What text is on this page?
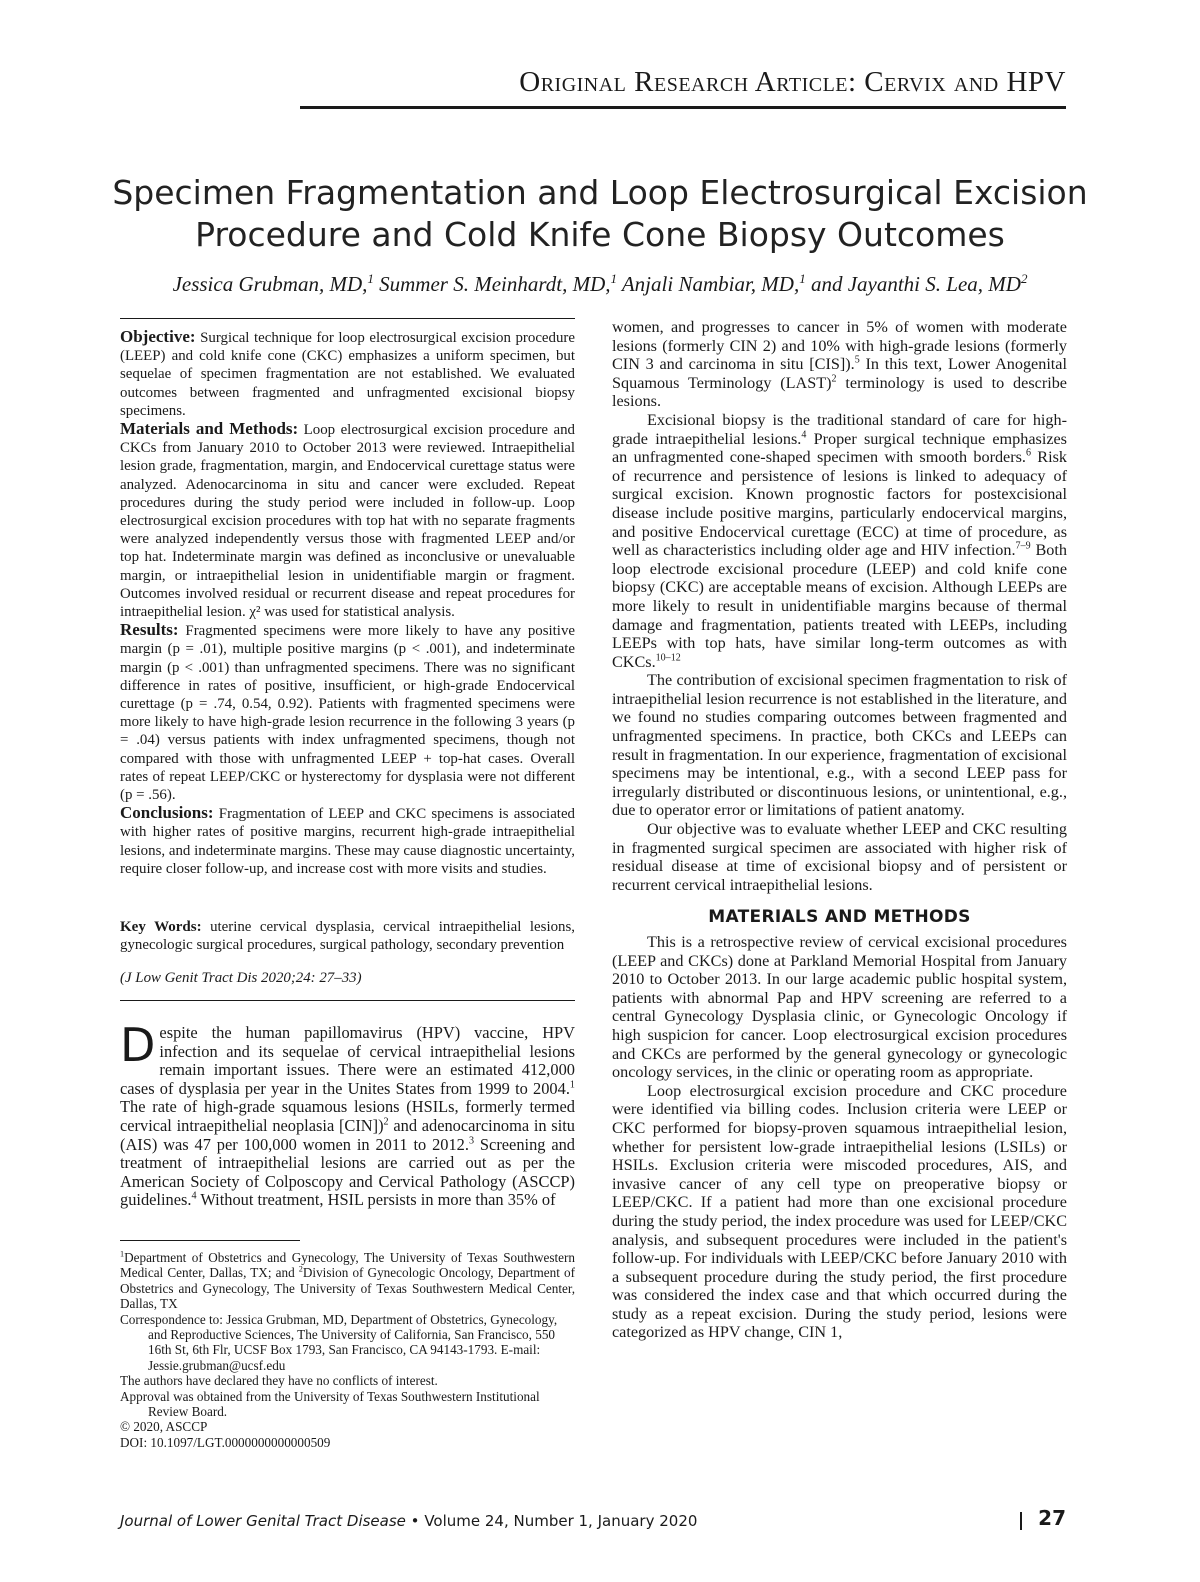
Original Research Article: Cervix and HPV
Specimen Fragmentation and Loop Electrosurgical Excision Procedure and Cold Knife Cone Biopsy Outcomes
Jessica Grubman, MD,$^1$ Summer S. Meinhardt, MD,$^1$ Anjali Nambiar, MD,$^1$ and Jayanthi S. Lea, $MD^2$

Objective: Surgical technique for loop electrosurgical excision procedure (LEEP) and cold knife cone (CKC) emphasizes a uniform specimen, but sequelae of specimen fragmentation are not established. We evaluated outcomes between fragmented and unfragmented excisional biopsy specimens.

Materials and Methods: Loop electrosurgical excision procedure and CKCs from January 2010 to October 2013 were reviewed. Intraepithelial lesion grade, fragmentation, margin, and Endocervical curettage status were analyzed. Adenocarcinoma in situ and cancer were excluded. Repeat procedures during the study period were included in follow-up. Loop electrosurgical excision procedures with top hat with no separate fragments were analyzed independently versus those with fragmented LEEP and/or top hat. Indeterminate margin was defined as inconclusive or unevaluable margin, or intraepithelial lesion in unidentifiable margin or fragment. Outcomes involved residual or recurrent disease and repeat procedures for intraepithelial lesion. χ² was used for statistical analysis.

Results: Fragmented specimens were more likely to have any positive margin (p = .01), multiple positive margins (p < .001), and indeterminate margin (p < .001) than unfragmented specimens. There was no significant difference in rates of positive, insufficient, or high-grade Endocervical curettage (p = .74, 0.54, 0.92). Patients with fragmented specimens were more likely to have high-grade lesion recurrence in the following 3 years (p = .04) versus patients with index unfragmented specimens, though not compared with those with unfragmented LEEP + top-hat cases. Overall rates of repeat LEEP/CKC or hysterectomy for dysplasia were not different (p = .56).

Conclusions: Fragmentation of LEEP and CKC specimens is associated with higher rates of positive margins, recurrent high-grade intraepithelial lesions, and indeterminate margins. These may cause diagnostic uncertainty, require closer follow-up, and increase cost with more visits and studies.

Key Words: uterine cervical dysplasia, cervical intraepithelial lesions, gynecologic surgical procedures, surgical pathology, secondary prevention

(J Low Genit Tract Dis 2020;24: 27–33)

Despite the human papillomavirus (HPV) vaccine, HPV infection and its sequelae of cervical intraepithelial lesions remain important issues. There were an estimated 412,000 cases of dysplasia per year in the Unites States from 1999 to 2004.$^1$ The rate of high-grade squamous lesions (HSILs, formerly termed cervical intraepithelial neoplasia [CIN])$^2$ and adenocarcinoma in situ (AIS) was 47 per 100,000 women in 2011 to 2012.$^3$ Screening and treatment of intraepithelial lesions are carried out as per the American Society of Colposcopy and Cervical Pathology (ASCCP) guidelines.$^4$ Without treatment, HSIL persists in more than 35% of

$^1$Department of Obstetrics and Gynecology, The University of Texas Southwestern Medical Center, Dallas, TX; and $^2$Division of Gynecologic Oncology, Department of Obstetrics and Gynecology, The University of Texas Southwestern Medical Center, Dallas, TX

Correspondence to: Jessica Grubman, MD, Department of Obstetrics, Gynecology, and Reproductive Sciences, The University of California, San Francisco, 550 16th St, 6th Flr, UCSF Box 1793, San Francisco, CA 94143-1793. E-mail: Jessie.grubman@ucsf.edu

The authors have declared they have no conflicts of interest.

Approval was obtained from the University of Texas Southwestern Institutional Review Board.

© 2020, ASCCP

DOI: 10.1097/LGT.0000000000000509

women, and progresses to cancer in 5% of women with moderate lesions (formerly CIN 2) and 10% with high-grade lesions (formerly CIN 3 and carcinoma in situ [CIS]).$^5$ In this text, Lower Anogenital Squamous Terminology (LAST)$^2$ terminology is used to describe lesions.

Excisional biopsy is the traditional standard of care for high-grade intraepithelial lesions.$^4$ Proper surgical technique emphasizes an unfragmented cone-shaped specimen with smooth borders.$^6$ Risk of recurrence and persistence of lesions is linked to adequacy of surgical excision. Known prognostic factors for postexcisional disease include positive margins, particularly endocervical margins, and positive Endocervical curettage (ECC) at time of procedure, as well as characteristics including older age and HIV infection.$^{7-9}$ Both loop electrode excisional procedure (LEEP) and cold knife cone biopsy (CKC) are acceptable means of excision. Although LEEPs are more likely to result in unidentifiable margins because of thermal damage and fragmentation, patients treated with LEEPs, including LEEPs with top hats, have similar long-term outcomes as with CKCs.$^{10-12}$

The contribution of excisional specimen fragmentation to risk of intraepithelial lesion recurrence is not established in the literature, and we found no studies comparing outcomes between fragmented and unfragmented specimens. In practice, both CKCs and LEEPs can result in fragmentation. In our experience, fragmentation of excisional specimens may be intentional, e.g., with a second LEEP pass for irregularly distributed or discontinuous lesions, or unintentional, e.g., due to operator error or limitations of patient anatomy.

Our objective was to evaluate whether LEEP and CKC resulting in fragmented surgical specimen are associated with higher risk of residual disease at time of excisional biopsy and of persistent or recurrent cervical intraepithelial lesions.

MATERIALS AND METHODS

This is a retrospective review of cervical excisional procedures (LEEP and CKCs) done at Parkland Memorial Hospital from January 2010 to October 2013. In our large academic public hospital system, patients with abnormal Pap and HPV screening are referred to a central Gynecology Dysplasia clinic, or Gynecologic Oncology if high suspicion for cancer. Loop electrosurgical excision procedures and CKCs are performed by the general gynecology or gynecologic oncology services, in the clinic or operating room as appropriate.

Loop electrosurgical excision procedure and CKC procedure were identified via billing codes. Inclusion criteria were LEEP or CKC performed for biopsy-proven squamous intraepithelial lesion, whether for persistent low-grade intraepithelial lesions (LSILs) or HSILs. Exclusion criteria were miscoded procedures, AIS, and invasive cancer of any cell type on preoperative biopsy or LEEP/CKC. If a patient had more than one excisional procedure during the study period, the index procedure was used for LEEP/CKC analysis, and subsequent procedures were included in the patient's follow-up. For individuals with LEEP/CKC before January 2010 with a subsequent procedure during the study period, the first procedure was considered the index case and that which occurred during the study as a repeat excision. During the study period, lesions were categorized as HPV change, CIN 1,

Journal of Lower Genital Tract Disease • Volume 24, Number 1, January 2020	27
